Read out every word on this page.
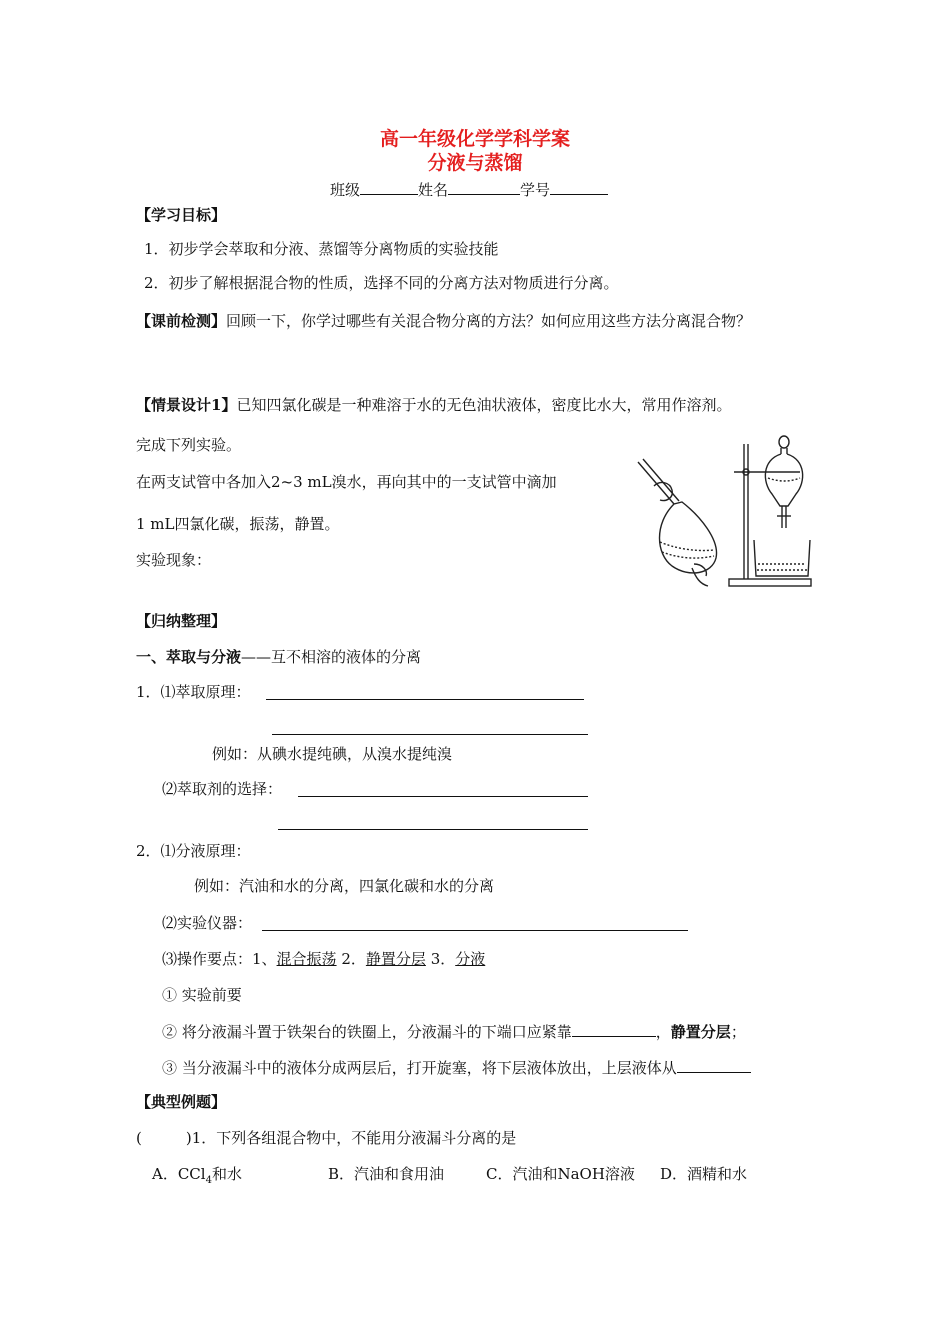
高一年级化学学科学案
分液与蒸馏
班级	姓名	学号
【学习目标】
1．初步学会萃取和分液、蒸馏等分离物质的实验技能
2．初步了解根据混合物的性质，选择不同的分离方法对物质进行分离。
【课前检测】回顾一下，你学过哪些有关混合物分离的方法？如何应用这些方法分离混合物？
【情景设计1】已知四氯化碳是一种难溶于水的无色油状液体，密度比水大，常用作溶剂。
完成下列实验。
在两支试管中各加入2~3 mL溴水，再向其中的一支试管中滴加
1 mL四氯化碳，振荡，静置。
实验现象：
【归纳整理】
一、萃取与分液——互不相溶的液体的分离
1．⑴萃取原理：
例如：从碘水提纯碘，从溴水提纯溴
⑵萃取剂的选择：
2．⑴分液原理：
例如：汽油和水的分离，四氯化碳和水的分离
⑵实验仪器：
⑶操作要点：1、混合振荡 2．静置分层 3．分液
① 实验前要
② 将分液漏斗置于铁架台的铁圈上，分液漏斗的下端口应紧靠	，静置分层；
③ 当分液漏斗中的液体分成两层后，打开旋塞，将下层液体放出，上层液体从
【典型例题】
(	)1．下列各组混合物中，不能用分液漏斗分离的是
A．CCl$_4$和水	B．汽油和食用油	C．汽油和NaOH溶液 D．酒精和水
